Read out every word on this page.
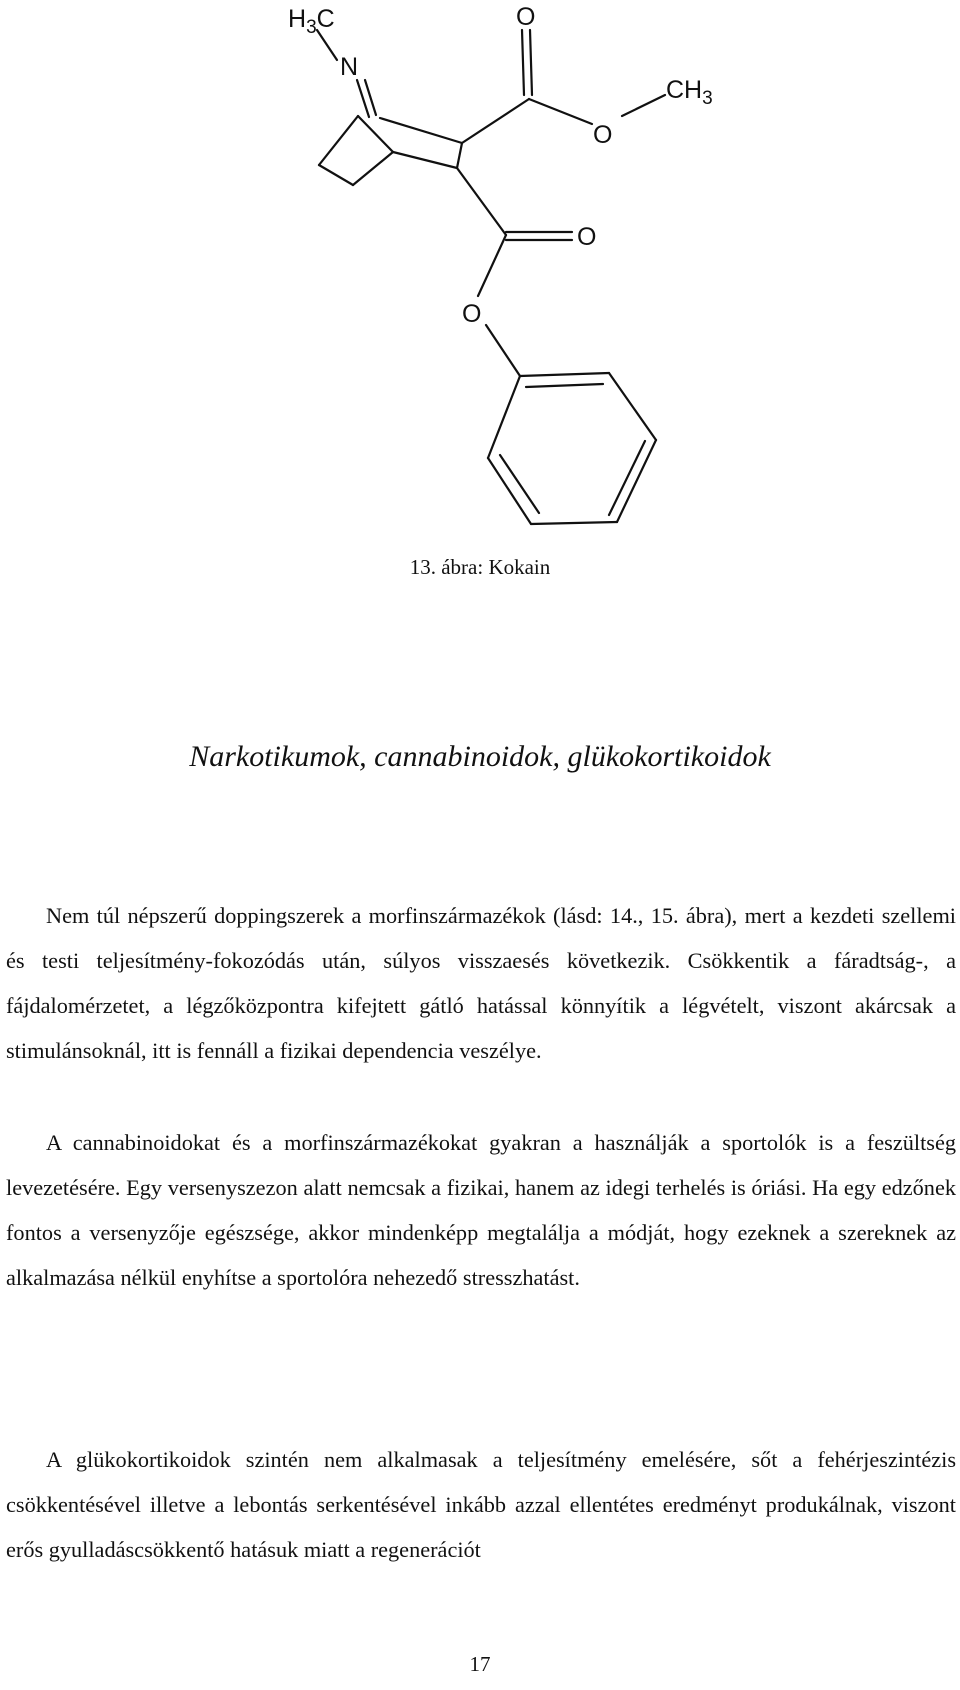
$H_3C$
N
O
$CH_3$
O
O
O
13. ábra: Kokain
Narkotikumok, cannabinoidok, glükokortikoidok

Nem túl népszerű doppingszerek a morfinszármazékok (lásd: 14., 15. ábra), mert a kezdeti szellemi és testi teljesítmény-fokozódás után, súlyos visszaesés következik. Csökkentik a fáradtság-, a fájdalomérzetet, a légzőközpontra kifejtett gátló hatással könnyítik a légvételt, viszont akárcsak a stimulánsoknál, itt is fennáll a fizikai dependencia veszélye.

A cannabinoidokat és a morfinszármazékokat gyakran a használják a sportolók is a feszültség levezetésére. Egy versenyszezon alatt nemcsak a fizikai, hanem az idegi terhelés is óriási. Ha egy edzőnek fontos a versenyzője egészsége, akkor mindenképp megtalálja a módját, hogy ezeknek a szereknek az alkalmazása nélkül enyhítse a sportolóra nehezedő stresszhatást.

A glükokortikoidok szintén nem alkalmasak a teljesítmény emelésére, sőt a fehérjeszintézis csökkentésével illetve a lebontás serkentésével inkább azzal ellentétes eredményt produkálnak, viszont erős gyulladáscsökkentő hatásuk miatt a regenerációt

17
